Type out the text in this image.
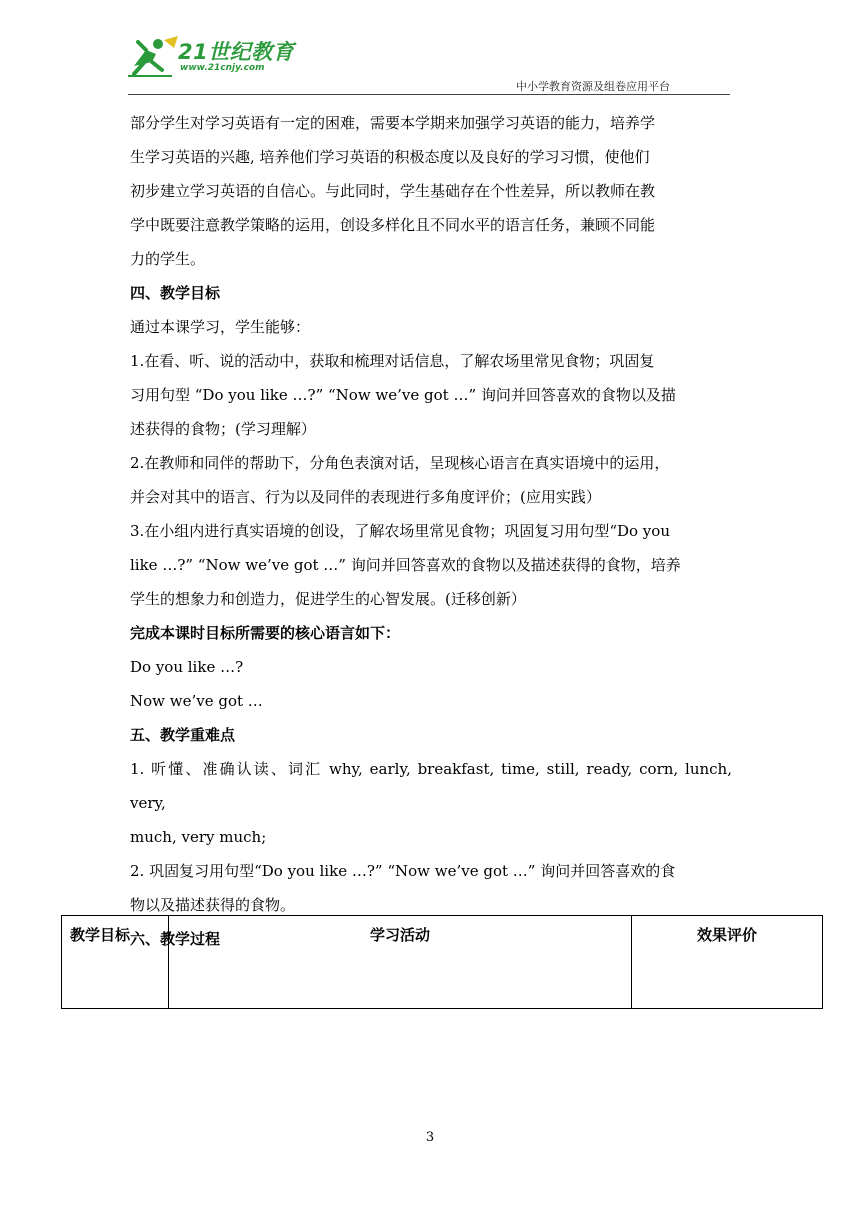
21世纪教育
www.21cnjy.com
中小学教育资源及组卷应用平台

部分学生对学习英语有一定的困难，需要本学期来加强学习英语的能力，培养学

生学习英语的兴趣, 培养他们学习英语的积极态度以及良好的学习习惯，使他们

初步建立学习英语的自信心。与此同时，学生基础存在个性差异，所以教师在教

学中既要注意教学策略的运用，创设多样化且不同水平的语言任务，兼顾不同能

力的学生。

四、教学目标

通过本课学习，学生能够：

1.在看、听、说的活动中，获取和梳理对话信息，了解农场里常见食物；巩固复

习用句型 “Do you like …?” “Now we’ve got …” 询问并回答喜欢的食物以及描

述获得的食物；(学习理解）

2.在教师和同伴的帮助下，分角色表演对话，呈现核心语言在真实语境中的运用，

并会对其中的语言、行为以及同伴的表现进行多角度评价；(应用实践）

3.在小组内进行真实语境的创设，了解农场里常见食物；巩固复习用句型“Do you

like …?” “Now we’ve got …” 询问并回答喜欢的食物以及描述获得的食物，培养

学生的想象力和创造力，促进学生的心智发展。(迁移创新）

完成本课时目标所需要的核心语言如下：

Do you like …?

Now we’ve got …

五、教学重难点

1. 听懂、准确认读、词汇 why, early, breakfast, time, still, ready, corn, lunch, very,

much, very much;

2. 巩固复习用句型“Do you like …?” “Now we’ve got …” 询问并回答喜欢的食

物以及描述获得的食物。

六、教学过程

教学目标	学习活动	效果评价
3
